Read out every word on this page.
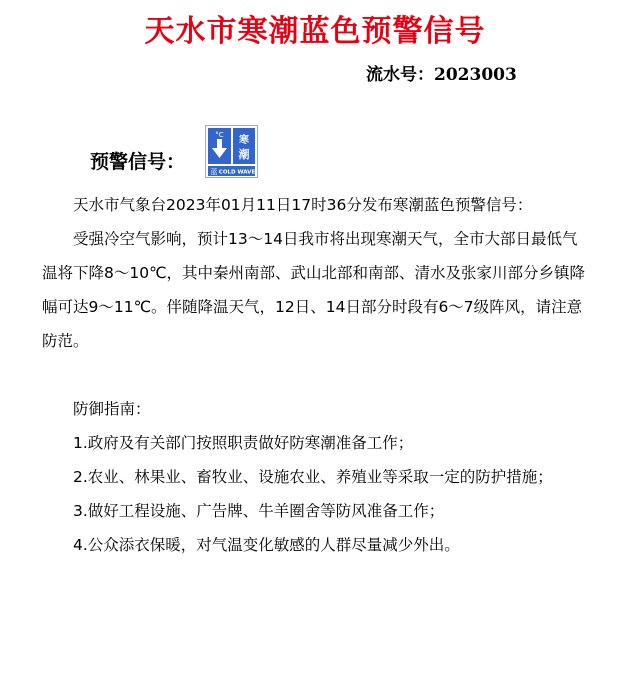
天水市寒潮蓝色预警信号
流水号：2023003
预警信号：
°C 寒
潮
蓝 COLD WAVE

天水市气象台2023年01月11日17时36分发布寒潮蓝色预警信号：

受强冷空气影响，预计13～14日我市将出现寒潮天气，全市大部日最低气温将下降8～10℃，其中秦州南部、武山北部和南部、清水及张家川部分乡镇降幅可达9～11℃。伴随降温天气，12日、14日部分时段有6～7级阵风，请注意防范。

防御指南：

1.政府及有关部门按照职责做好防寒潮准备工作；

2.农业、林果业、畜牧业、设施农业、养殖业等采取一定的防护措施；

3.做好工程设施、广告牌、牛羊圈舍等防风准备工作；

4.公众添衣保暖，对气温变化敏感的人群尽量减少外出。
